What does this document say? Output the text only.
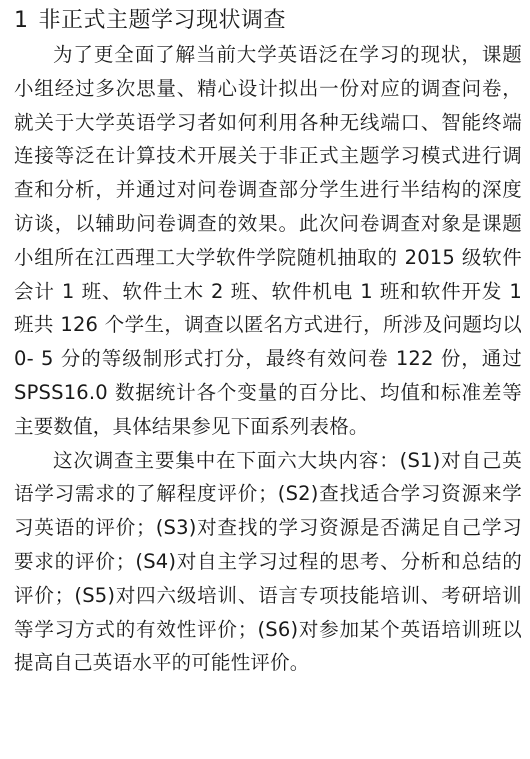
1 非正式主题学习现状调查

为了更全面了解当前大学英语泛在学习的现状，课题小组经过多次思量、精心设计拟出一份对应的调查问卷，就关于大学英语学习者如何利用各种无线端口、智能终端连接等泛在计算技术开展关于非正式主题学习模式进行调查和分析，并通过对问卷调查部分学生进行半结构的深度访谈，以辅助问卷调查的效果。此次问卷调查对象是课题小组所在江西理工大学软件学院随机抽取的 2015 级软件会计 1 班、软件土木 2 班、软件机电 1 班和软件开发 1 班共 126 个学生，调查以匿名方式进行，所涉及问题均以 0- 5 分的等级制形式打分，最终有效问卷 122 份，通过 SPSS16.0 数据统计各个变量的百分比、均值和标准差等主要数值，具体结果参见下面系列表格。

这次调查主要集中在下面六大块内容：(S1)对自己英语学习需求的了解程度评价；(S2)查找适合学习资源来学习英语的评价；(S3)对查找的学习资源是否满足自己学习要求的评价；(S4)对自主学习过程的思考、分析和总结的评价；(S5)对四六级培训、语言专项技能培训、考研培训等学习方式的有效性评价；(S6)对参加某个英语培训班以提高自己英语水平的可能性评价。
